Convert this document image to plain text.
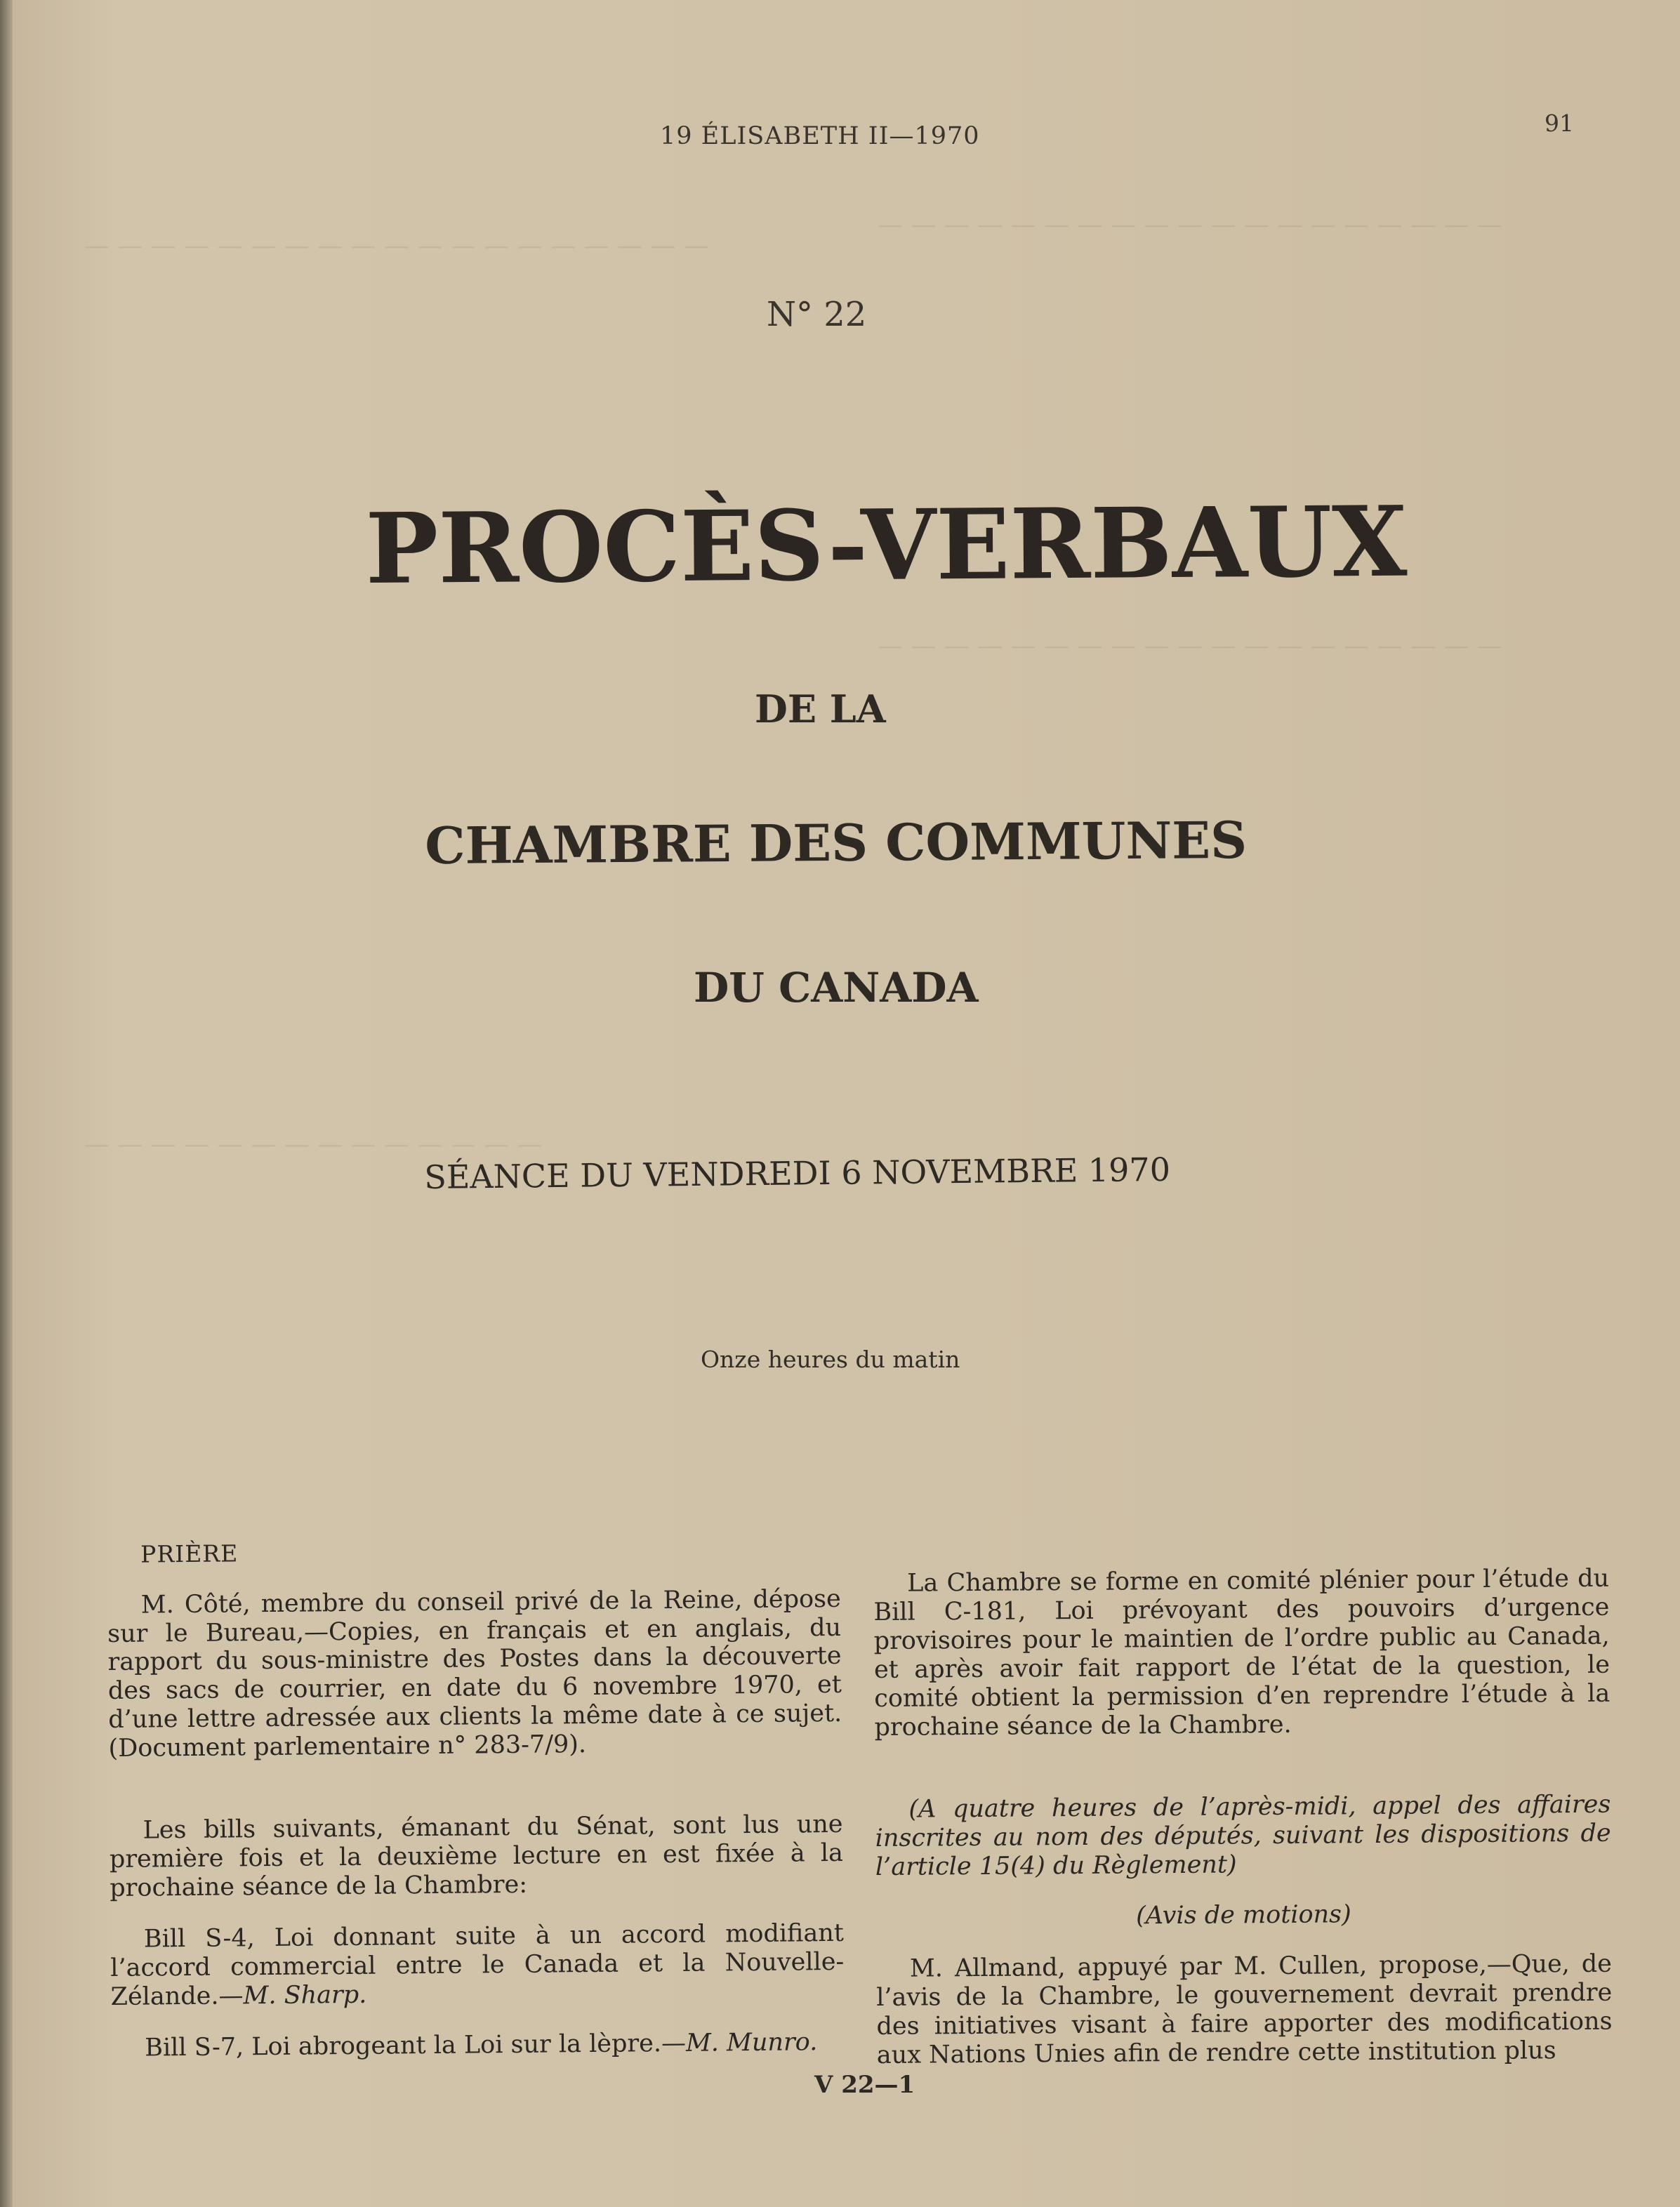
— — — — — — — — — — — — — — — — — — —
— — — — — — — — — — — — — — — — — — —
— — — — — — — — — — — — — — — — — — —
— — — — — — — — — — — — — —
19 ÉLISABETH II—1970	91
N° 22
PROCÈS-VERBAUX
DE LA
CHAMBRE DES COMMUNES
DU CANADA
SÉANCE DU VENDREDI 6 NOVEMBRE 1970
Onze heures du matin

PRIÈRE

M. Côté, membre du conseil privé de la Reine, dépose sur le Bureau,—Copies, en français et en anglais, du rapport du sous-ministre des Postes dans la découverte des sacs de courrier, en date du 6 novembre 1970, et d’une lettre adressée aux clients la même date à ce sujet. (Document parlementaire n° 283-7/9).

Les bills suivants, émanant du Sénat, sont lus une première fois et la deuxième lecture en est fixée à la prochaine séance de la Chambre:

Bill S-4, Loi donnant suite à un accord modifiant l’accord commercial entre le Canada et la Nouvelle-Zélande.—M. Sharp.

Bill S-7, Loi abrogeant la Loi sur la lèpre.—M. Munro.

La Chambre se forme en comité plénier pour l’étude du Bill C-181, Loi prévoyant des pouvoirs d’urgence provisoires pour le maintien de l’ordre public au Canada, et après avoir fait rapport de l’état de la question, le comité obtient la permission d’en reprendre l’étude à la prochaine séance de la Chambre.

(A quatre heures de l’après-midi, appel des affaires inscrites au nom des députés, suivant les dispositions de l’article 15(4) du Règlement)

(Avis de motions)

M. Allmand, appuyé par M. Cullen, propose,—Que, de l’avis de la Chambre, le gouvernement devrait prendre des initiatives visant à faire apporter des modifications aux Nations Unies afin de rendre cette institution plus

V 22—1
